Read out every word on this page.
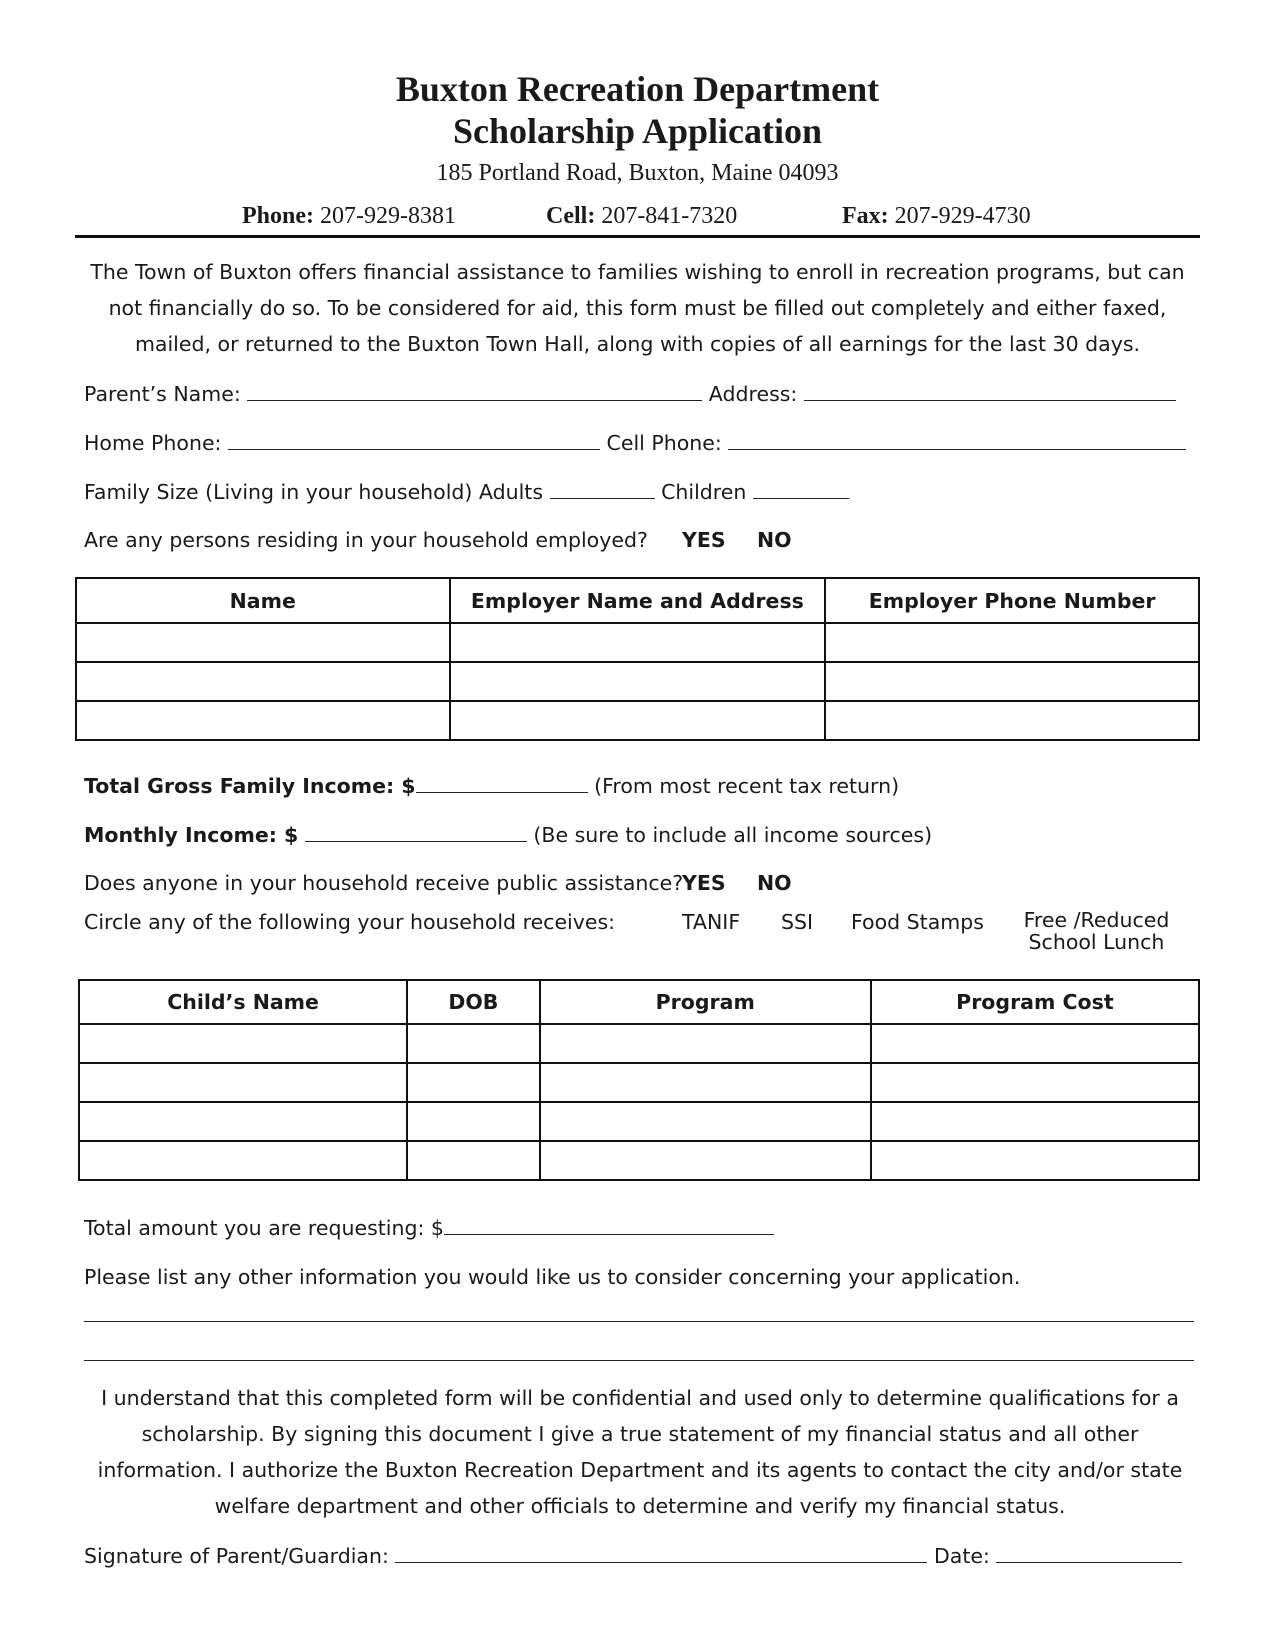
Buxton Recreation Department
Scholarship Application
185 Portland Road, Buxton, Maine 04093
Phone: 207-929-8381	Cell: 207-841-7320	Fax: 207-929-4730
The Town of Buxton offers financial assistance to families wishing to enroll in recreation programs, but can not financially do so. To be considered for aid, this form must be filled out completely and either faxed, mailed, or returned to the Buxton Town Hall, along with copies of all earnings for the last 30 days.
Parent’s Name:	Address:
Home Phone:	Cell Phone:
Family Size (Living in your household) Adults	Children
Are any persons residing in your household employed? YES NO
Name	Employer Name and Address	Employer Phone Number

Total Gross Family Income: $	(From most recent tax return)
Monthly Income: $	(Be sure to include all income sources)
Does anyone in your household receive public assistance?
YES NO
Circle any of the following your household receives:	TANIF SSI Food Stamps Free /Reduced
School Lunch
Child’s Name	DOB	Program	Program Cost

Total amount you are requesting: $
Please list any other information you would like us to consider concerning your application.
I understand that this completed form will be confidential and used only to determine qualifications for a scholarship. By signing this document I give a true statement of my financial status and all other information. I authorize the Buxton Recreation Department and its agents to contact the city and/or state welfare department and other officials to determine and verify my financial status.
Signature of Parent/Guardian:	Date:
